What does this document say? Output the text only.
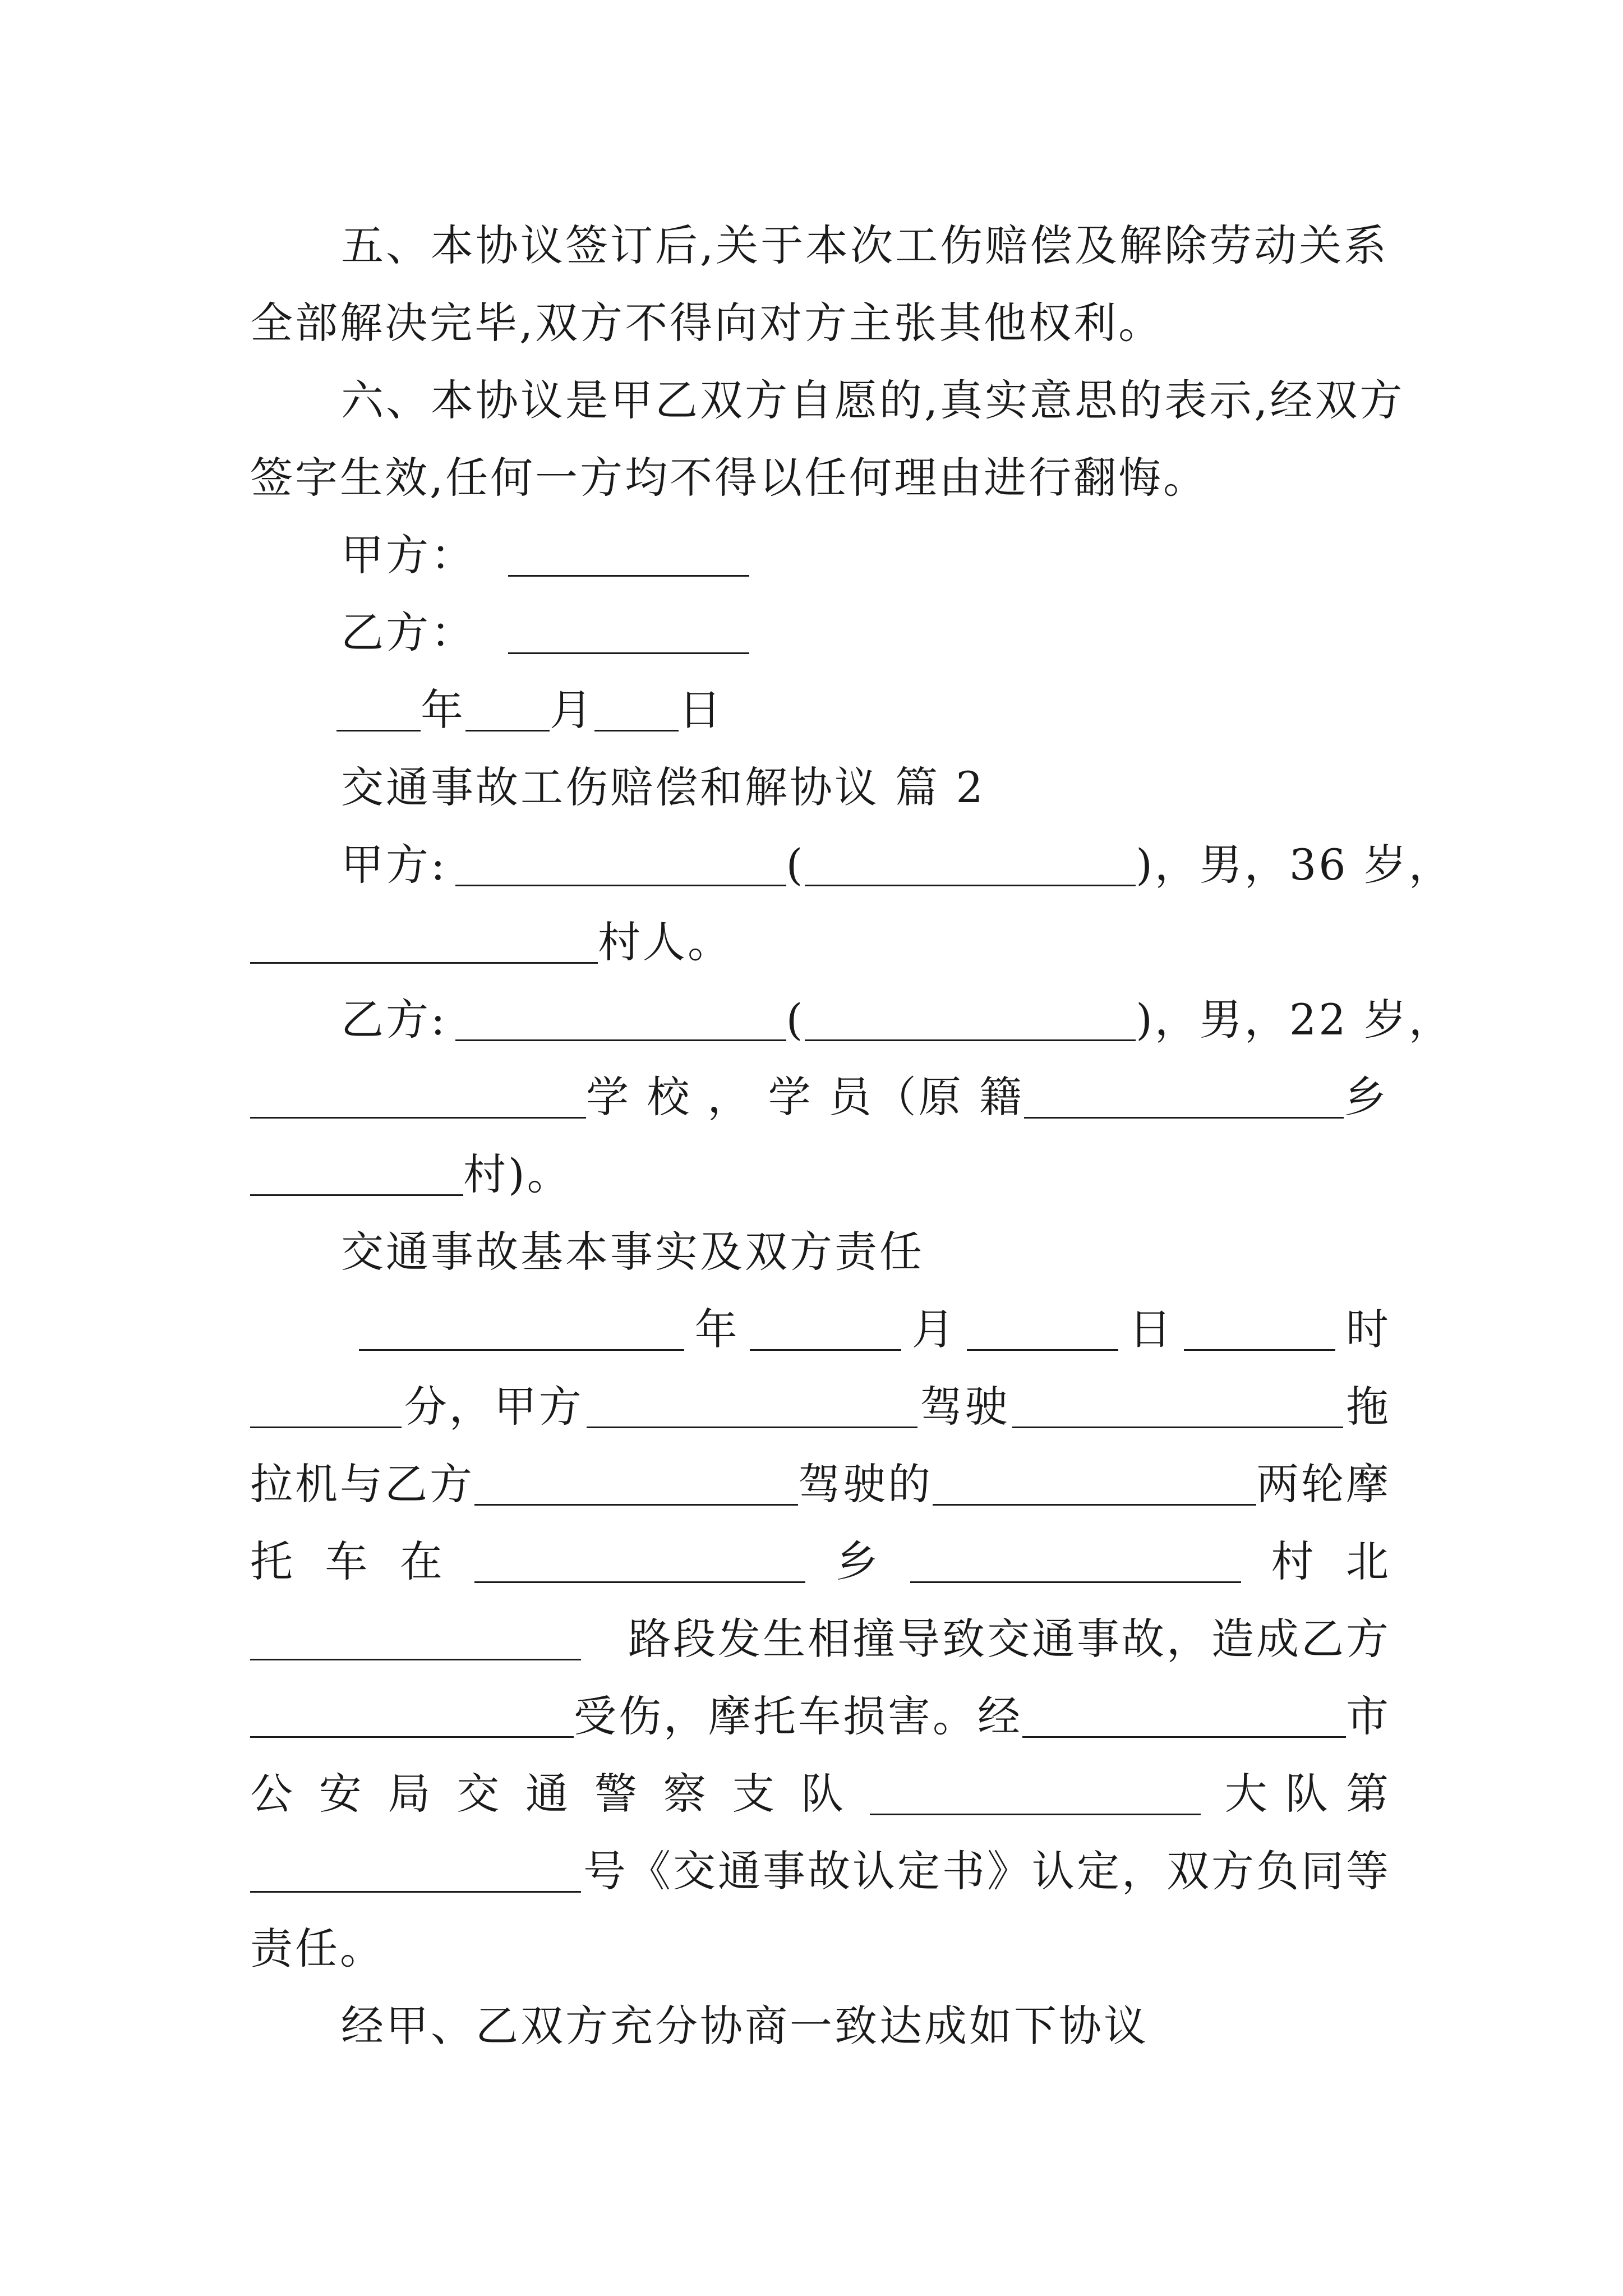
五、本协议签订后,关于本次工伤赔偿及解除劳动关系
全部解决完毕,双方不得向对方主张其他权利。
六、本协议是甲乙双方自愿的,真实意思的表示,经双方
签字生效,任何一方均不得以任何理由进行翻悔。
甲方：
乙方：
年 月 日
交通事故工伤赔偿和解协议 篇 2
甲方:	(	)，男，36 岁，
村人。
乙方:	(	)，男，22 岁，
学 校 ， 学 员（原 籍	乡
村)。
交通事故基本事实及双方责任
年	月	日	时
分，甲方	驾驶	拖
拉机与乙方	驾驶的	两轮摩
托 车 在	乡	村 北
路段发生相撞导致交通事故，造成乙方
受伤，摩托车损害。经	市
公 安 局 交 通 警 察 支 队	大 队 第
号《交通事故认定书》认定，双方负同等
责任。
经甲、乙双方充分协商一致达成如下协议
